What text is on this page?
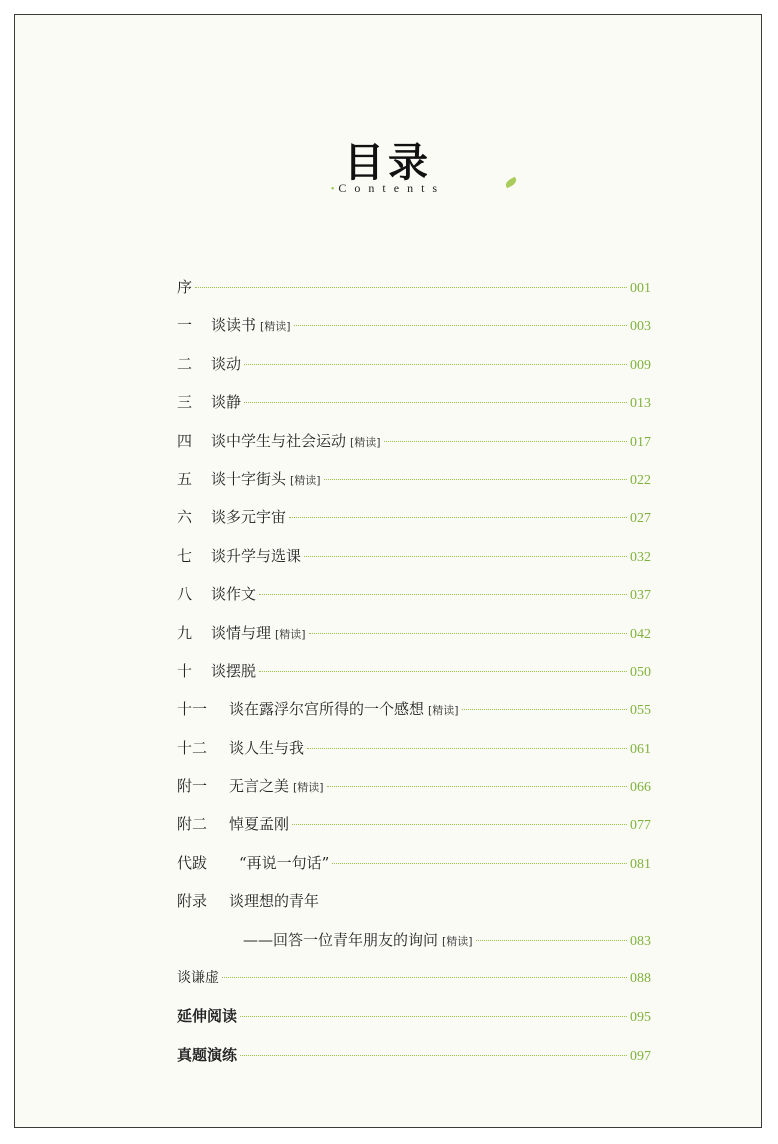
目录
• Contents
序	001
一	谈读书 [精读]	003
二	谈动	009
三	谈静	013
四	谈中学生与社会运动 [精读]	017
五	谈十字街头 [精读]	022
六	谈多元宇宙	027
七	谈升学与选课	032
八	谈作文	037
九	谈情与理 [精读]	042
十	谈摆脱	050
十一	谈在露浮尔宫所得的一个感想 [精读]	055
十二	谈人生与我	061
附一	无言之美 [精读]	066
附二	悼夏孟刚	077
代跋	“再说一句话”	081
附录	谈理想的青年
——回答一位青年朋友的询问 [精读]	083
谈谦虚	088
延伸阅读	095
真题演练	097
